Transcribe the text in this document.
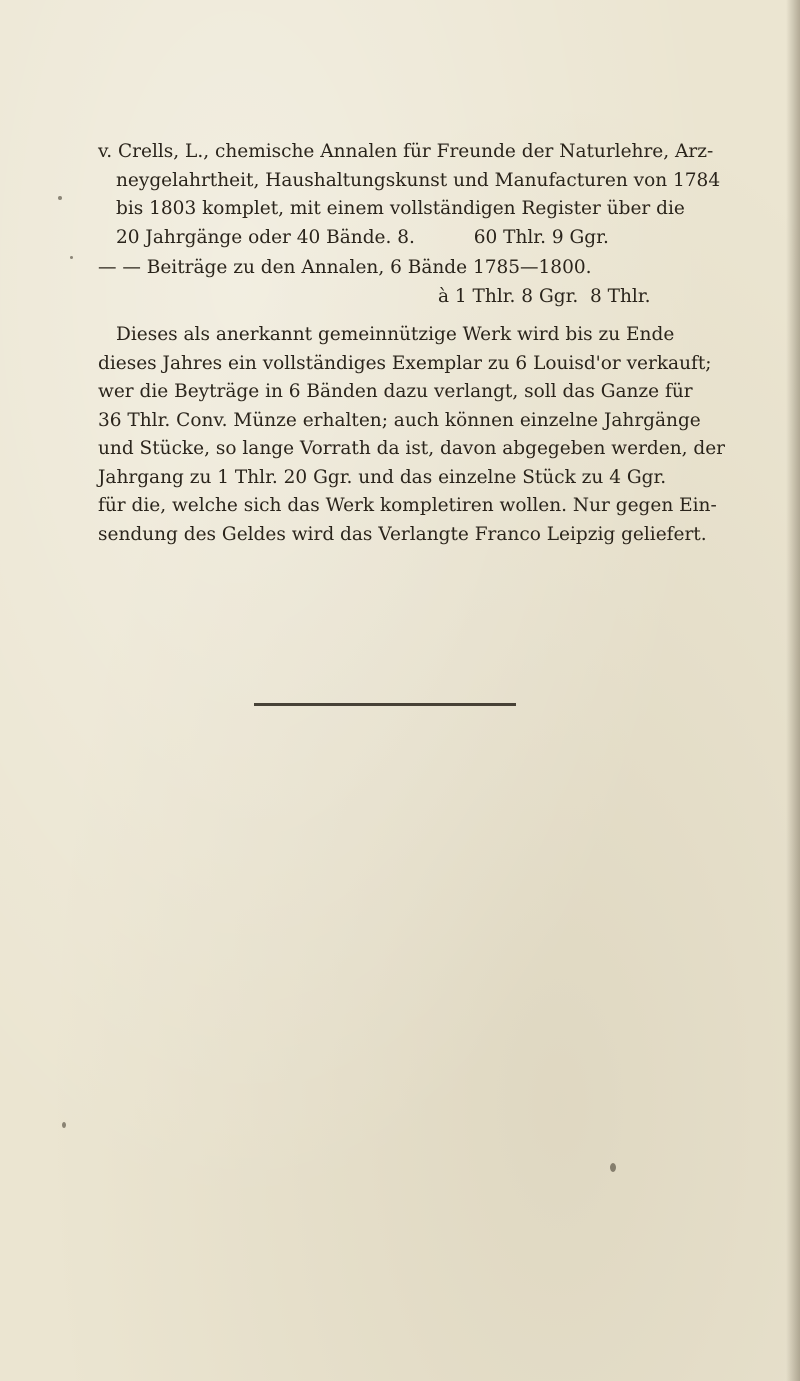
v. Crells, L., chemische Annalen für Freunde der Naturlehre, Arz-
neygelahrtheit, Haushaltungskunst und Manufacturen von 1784
bis 1803 komplet, mit einem vollständigen Register über die
20 Jahrgänge oder 40 Bände. 8.          60 Thlr. 9 Ggr.
— — Beiträge zu den Annalen, 6 Bände 1785—1800.
à 1 Thlr. 8 Ggr.  8 Thlr.
Dieses als anerkannt gemeinnützige Werk wird bis zu Ende
dieses Jahres ein vollständiges Exemplar zu 6 Louisd'or verkauft;
wer die Beyträge in 6 Bänden dazu verlangt, soll das Ganze für
36 Thlr. Conv. Münze erhalten; auch können einzelne Jahrgänge
und Stücke, so lange Vorrath da ist, davon abgegeben werden, der
Jahrgang zu 1 Thlr. 20 Ggr. und das einzelne Stück zu 4 Ggr.
für die, welche sich das Werk kompletiren wollen. Nur gegen Ein-
sendung des Geldes wird das Verlangte Franco Leipzig geliefert.
